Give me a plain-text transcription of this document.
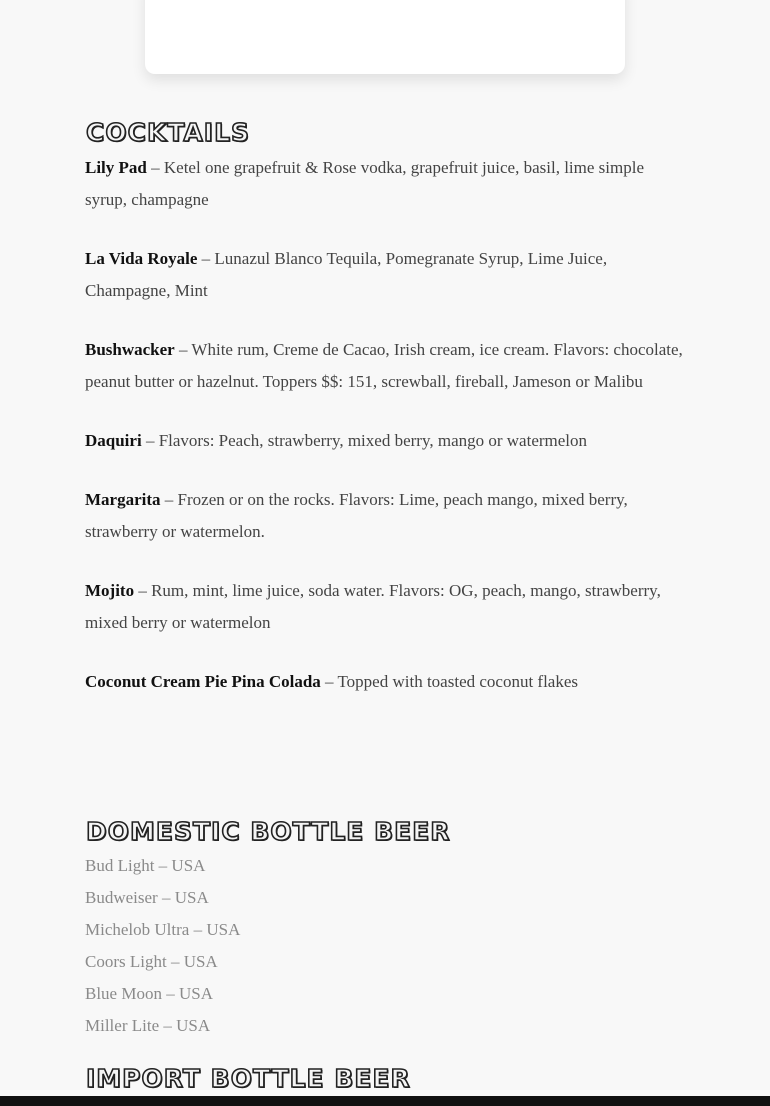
COCKTAILS

Lily Pad – Ketel one grapefruit & Rose vodka, grapefruit juice, basil, lime simple syrup, champagne

La Vida Royale – Lunazul Blanco Tequila, Pomegranate Syrup, Lime Juice, Champagne, Mint

Bushwacker – White rum, Creme de Cacao, Irish cream, ice cream. Flavors: chocolate, peanut butter or hazelnut. Toppers $$: 151, screwball, fireball, Jameson or Malibu

Daquiri – Flavors: Peach, strawberry, mixed berry, mango or watermelon

Margarita – Frozen or on the rocks. Flavors: Lime, peach mango, mixed berry, strawberry or watermelon.

Mojito – Rum, mint, lime juice, soda water. Flavors: OG, peach, mango, strawberry, mixed berry or watermelon

Coconut Cream Pie Pina Colada – Topped with toasted coconut flakes

DOMESTIC BOTTLE BEER
Bud Light – USA
Budweiser – USA
Michelob Ultra – USA
Coors Light – USA
Blue Moon – USA
Miller Lite – USA
IMPORT BOTTLE BEER
